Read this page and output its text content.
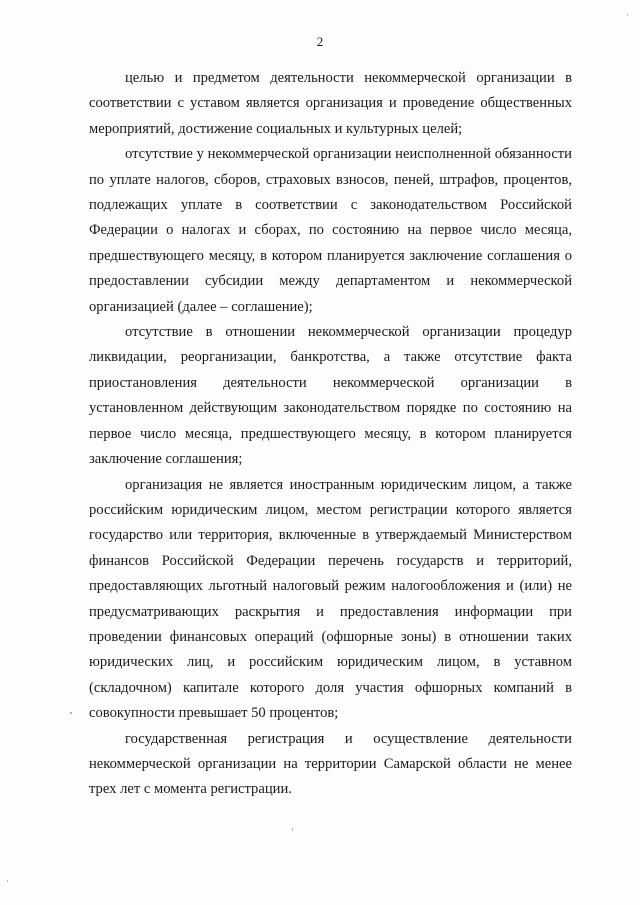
2

целью и предметом деятельности некоммерческой организации в соответствии с уставом является организация и проведение общественных мероприятий, достижение социальных и культурных целей;

отсутствие у некоммерческой организации неисполненной обязанности по уплате налогов, сборов, страховых взносов, пеней, штрафов, процентов, подлежащих уплате в соответствии с законодательством Российской Федерации о налогах и сборах, по состоянию на первое число месяца, предшествующего месяцу, в котором планируется заключение соглашения о предоставлении субсидии между департаментом и некоммерческой организацией (далее – соглашение);

отсутствие в отношении некоммерческой организации процедур ликвидации, реорганизации, банкротства, а также отсутствие факта приостановления деятельности некоммерческой организации в установленном действующим законодательством порядке по состоянию на первое число месяца, предшествующего месяцу, в котором планируется заключение соглашения;

организация не является иностранным юридическим лицом, а также российским юридическим лицом, местом регистрации которого является государство или территория, включенные в утверждаемый Министерством финансов Российской Федерации перечень государств и территорий, предоставляющих льготный налоговый режим налогообложения и (или) не предусматривающих раскрытия и предоставления информации при проведении финансовых операций (офшорные зоны) в отношении таких юридических лиц, и российским юридическим лицом, в уставном (складочном) капитале которого доля участия офшорных компаний в совокупности превышает 50 процентов;

государственная регистрация и осуществление деятельности некоммерческой организации на территории Самарской области не менее трех лет с момента регистрации.
